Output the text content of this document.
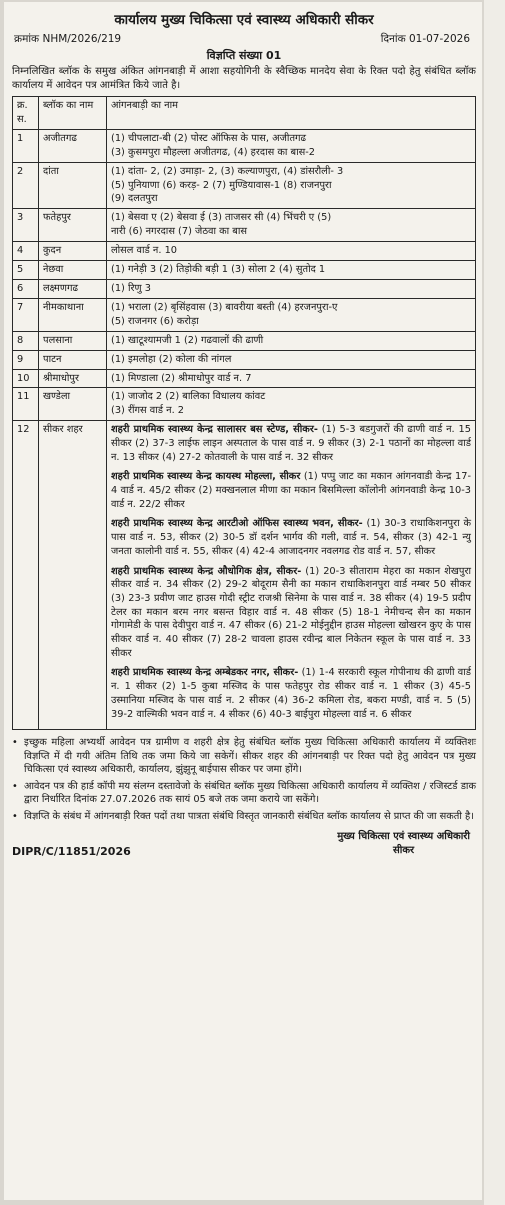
कार्यालय मुख्य चिकित्सा एवं स्वास्थ्य अधिकारी सीकर
क्रमांक NHM/2026/219	दिनांक 01-07-2026
विज्ञप्ति संख्या 01

निम्नलिखित ब्लॉक के समुख अंकित आंगनबाड़ी में आशा सहयोगिनी के स्वैच्छिक मानदेय सेवा के रिक्त पदो हेतु संबंधित ब्लॉक कार्यालय में आवेदन पत्र आमंत्रित किये जाते है।

क्र. स.	ब्लॉक का नाम	आंगनबाड़ी का नाम
1	अजीतगढ	(1) चीपलाटा-बी (2) पोस्ट ऑफिस के पास, अजीतगढ
(3) कुसमपुरा मौहल्ला अजीतगढ, (4) हरदास का बास-2

2	दांता	(1) दांता- 2, (2) उमाड़ा- 2, (3) कल्याणपुरा, (4) डांसरौली- 3
(5) पुनियाणा (6) करड़- 2 (7) मुण्डियावास-1 (8) राजनपुरा
(9) दलतपुरा

3	फतेहपुर	(1) बेसवा ए (2) बेसवा ई (3) ताजसर सी (4) भिंचरी ए (5)
नारी (6) नगरदास (7) जेठवा का बास

4	कुदन	लोसल वार्ड न. 10

5	नेछवा	(1) गनेड़ी 3 (2) तिड़ोकी बड़ी 1 (3) सोला 2 (4) सुतोद 1

6	लक्ष्मणगढ	(1) रिणु 3

7	नीमकाथाना	(1) भराला (2) बृसिंहवास (3) बावरीया बस्ती (4) हरजनपुरा-ए
(5) राजनगर (6) करोड़ा

8	पलसाना	(1) खाटूश्यामजी 1 (2) गढवालों की ढाणी

9	पाटन	(1) इमलोहा (2) कोला की नांगल

10	श्रीमाधोपुर	(1) मिण्डाला (2) श्रीमाधोपुर वार्ड न. 7

11	खण्डेला	(1) जाजोद 2 (2) बालिका विधालय कांवट
(3) रींगस वार्ड न. 2

12	सीकर शहर	शहरी प्राथमिक स्वास्थ्य केन्द्र सालासर बस स्टेण्ड, सीकर- (1) 5-3 बडगुजरों की ढाणी वार्ड न. 15 सीकर (2) 37-3 लाईफ लाइन अस्पताल के पास वार्ड न. 9 सीकर (3) 2-1 पठानों का मोहल्ला वार्ड न. 13 सीकर (4) 27-2 कोतवाली के पास वार्ड न. 32 सीकर

शहरी प्राथमिक स्वास्थ्य केन्द्र कायस्थ मोहल्ला, सीकर (1) पप्पु जाट का मकान आंगनवाडी केन्द्र 17-4 वार्ड न. 45/2 सीकर (2) मक्खनलाल मीणा का मकान बिसमिल्ला कॉलोनी आंगनवाडी केन्द्र 10-3 वार्ड न. 22/2 सीकर

शहरी प्राथमिक स्वास्थ्य केन्द्र आरटीओ ऑफिस स्वास्थ्य भवन, सीकर- (1) 30-3 राधाकिशनपुरा के पास वार्ड न. 53, सीकर (2) 30-5 डॉ दर्शन भार्गव की गली, वार्ड न. 54, सीकर (3) 42-1 न्यु जनता कालोनी वार्ड न. 55, सीकर (4) 42-4 आजादनगर नवलगढ रोड वार्ड न. 57, सीकर

शहरी प्राथमिक स्वास्थ्य केन्द्र औधोगिक क्षेत्र, सीकर- (1) 20-3 सीताराम मेहरा का मकान शेखपुरा सीकर वार्ड न. 34 सीकर (2) 29-2 बोदूराम सैनी का मकान राधाकिशनपुरा वार्ड नम्बर 50 सीकर (3) 23-3 प्रवीण जाट हाउस गोदी स्ट्रीट राजश्री सिनेमा के पास वार्ड न. 38 सीकर (4) 19-5 प्रदीप टेलर का मकान बरम नगर बसन्त विहार वार्ड न. 48 सीकर (5) 18-1 नेमीचन्द सैन का मकान गोगामेडी के पास देवीपुरा वार्ड न. 47 सीकर (6) 21-2 मोईनुद्दीन हाउस मोहल्ला खोखरन कुए के पास सीकर वार्ड न. 40 सीकर (7) 28-2 चावला हाउस रवीन्द्र बाल निकेतन स्कूल के पास वार्ड न. 33 सीकर

शहरी प्राथमिक स्वास्थ्य केन्द्र अम्बेडकर नगर, सीकर- (1) 1-4 सरकारी स्कूल गोपीनाथ की ढाणी वार्ड न. 1 सीकर (2) 1-5 कुबा मस्जिद के पास फतेहपुर रोड सीकर वार्ड न. 1 सीकर (3) 45-5 उस्मानिया मस्जिद के पास वार्ड न. 2 सीकर (4) 36-2 कमिला रोड, बकरा मण्डी, वार्ड न. 5 (5) 39-2 वाल्मिकी भवन वार्ड न. 4 सीकर (6) 40-3 बाईपुरा मोहल्ला वार्ड न. 6 सीकर

• इच्छुक महिला अभ्यर्थी आवेदन पत्र ग्रामीण व शहरी क्षेत्र हेतु संबंधित ब्लॉक मुख्य चिकित्सा अधिकारी कार्यालय में व्यक्तिशः विज्ञप्ति में दी गयी अंतिम तिथि तक जमा किये जा सकेगें। सीकर शहर की आंगनबाड़ी पर रिक्त पदो हेतु आवेदन पत्र मुख्य चिकित्सा एवं स्वास्थ्य अधिकारी, कार्यालय, झुंझुनू बाईपास सीकर पर जमा होंगे।
• आवेदन पत्र की हार्ड कॉपी मय संलग्न दस्तावेजो के संबंधित ब्लॉक मुख्य चिकित्सा अधिकारी कार्यालय में व्यक्तिश / रजिस्टर्ड डाक द्वारा निर्धारित दिनांक 27.07.2026 तक सायं 05 बजे तक जमा कराये जा सकेंगे।
• विज्ञप्ति के संबंध में आंगनबाड़ी रिक्त पदों तथा पात्रता संबंधि विस्तृत जानकारी संबंधित ब्लॉक कार्यालय से प्राप्त की जा सकती है।
DIPR/C/11851/2026
मुख्य चिकित्सा एवं स्वास्थ्य अधिकारी
सीकर
